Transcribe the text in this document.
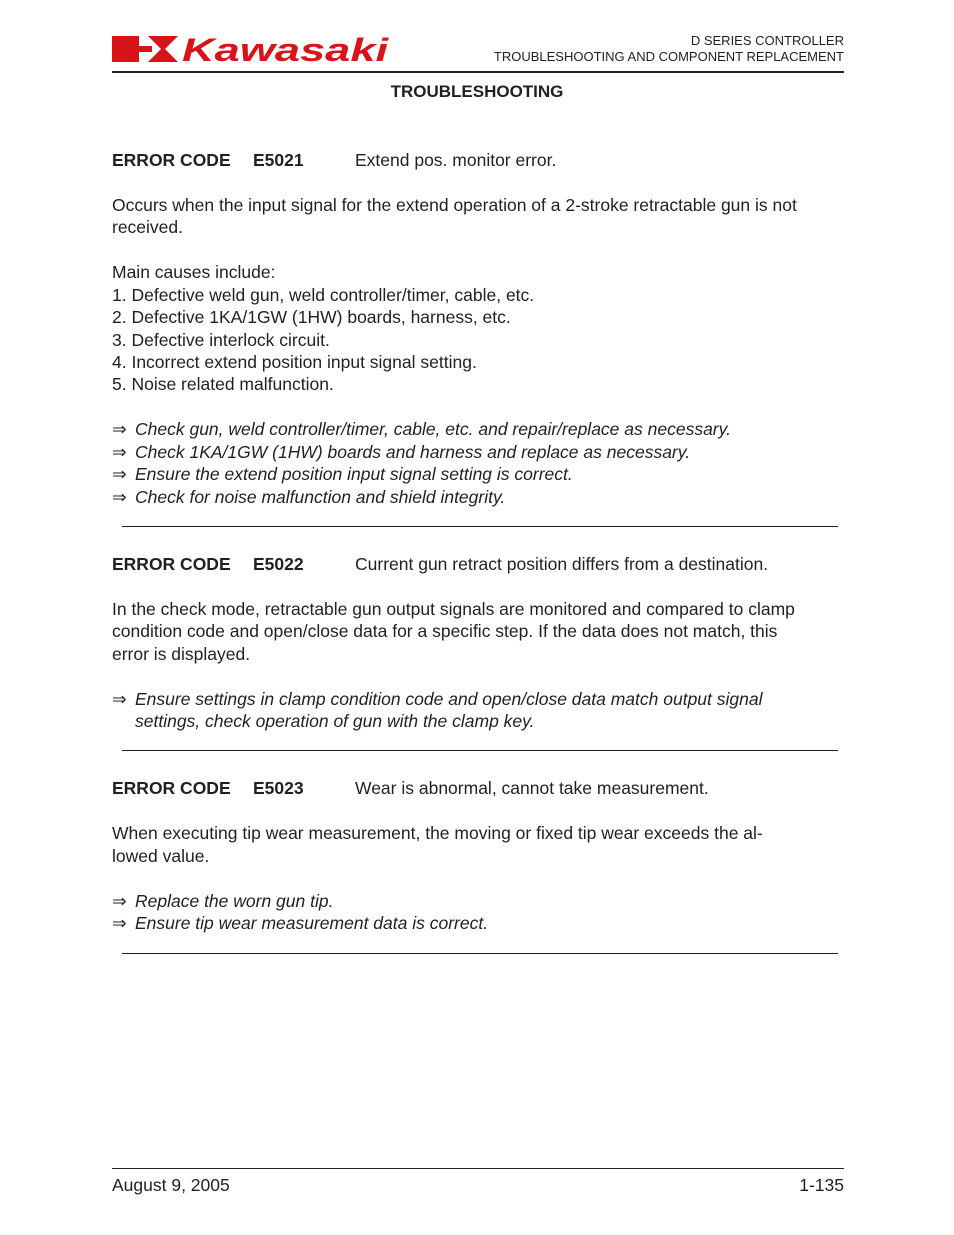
Kawasaki	D SERIES CONTROLLER
TROUBLESHOOTING AND COMPONENT REPLACEMENT
TROUBLESHOOTING
ERROR CODE E5021	Extend pos. monitor error.
Occurs when the input signal for the extend operation of a 2-stroke retractable gun is not
received.
Main causes include:
1. Defective weld gun, weld controller/timer, cable, etc.
2. Defective 1KA/1GW (1HW) boards, harness, etc.
3. Defective interlock circuit.
4. Incorrect extend position input signal setting.
5. Noise related malfunction.
⇒ Check gun, weld controller/timer, cable, etc. and repair/replace as necessary.
⇒ Check 1KA/1GW (1HW) boards and harness and replace as necessary.
⇒ Ensure the extend position input signal setting is correct.
⇒ Check for noise malfunction and shield integrity.
ERROR CODE E5022	Current gun retract position differs from a destination.
In the check mode, retractable gun output signals are monitored and compared to clamp
condition code and open/close data for a specific step. If the data does not match, this
error is displayed.
⇒ Ensure settings in clamp condition code and open/close data match output signal
settings, check operation of gun with the clamp key.
ERROR CODE E5023	Wear is abnormal, cannot take measurement.
When executing tip wear measurement, the moving or fixed tip wear exceeds the al-
lowed value.
⇒ Replace the worn gun tip.
⇒ Ensure tip wear measurement data is correct.
August 9, 2005	1-135
